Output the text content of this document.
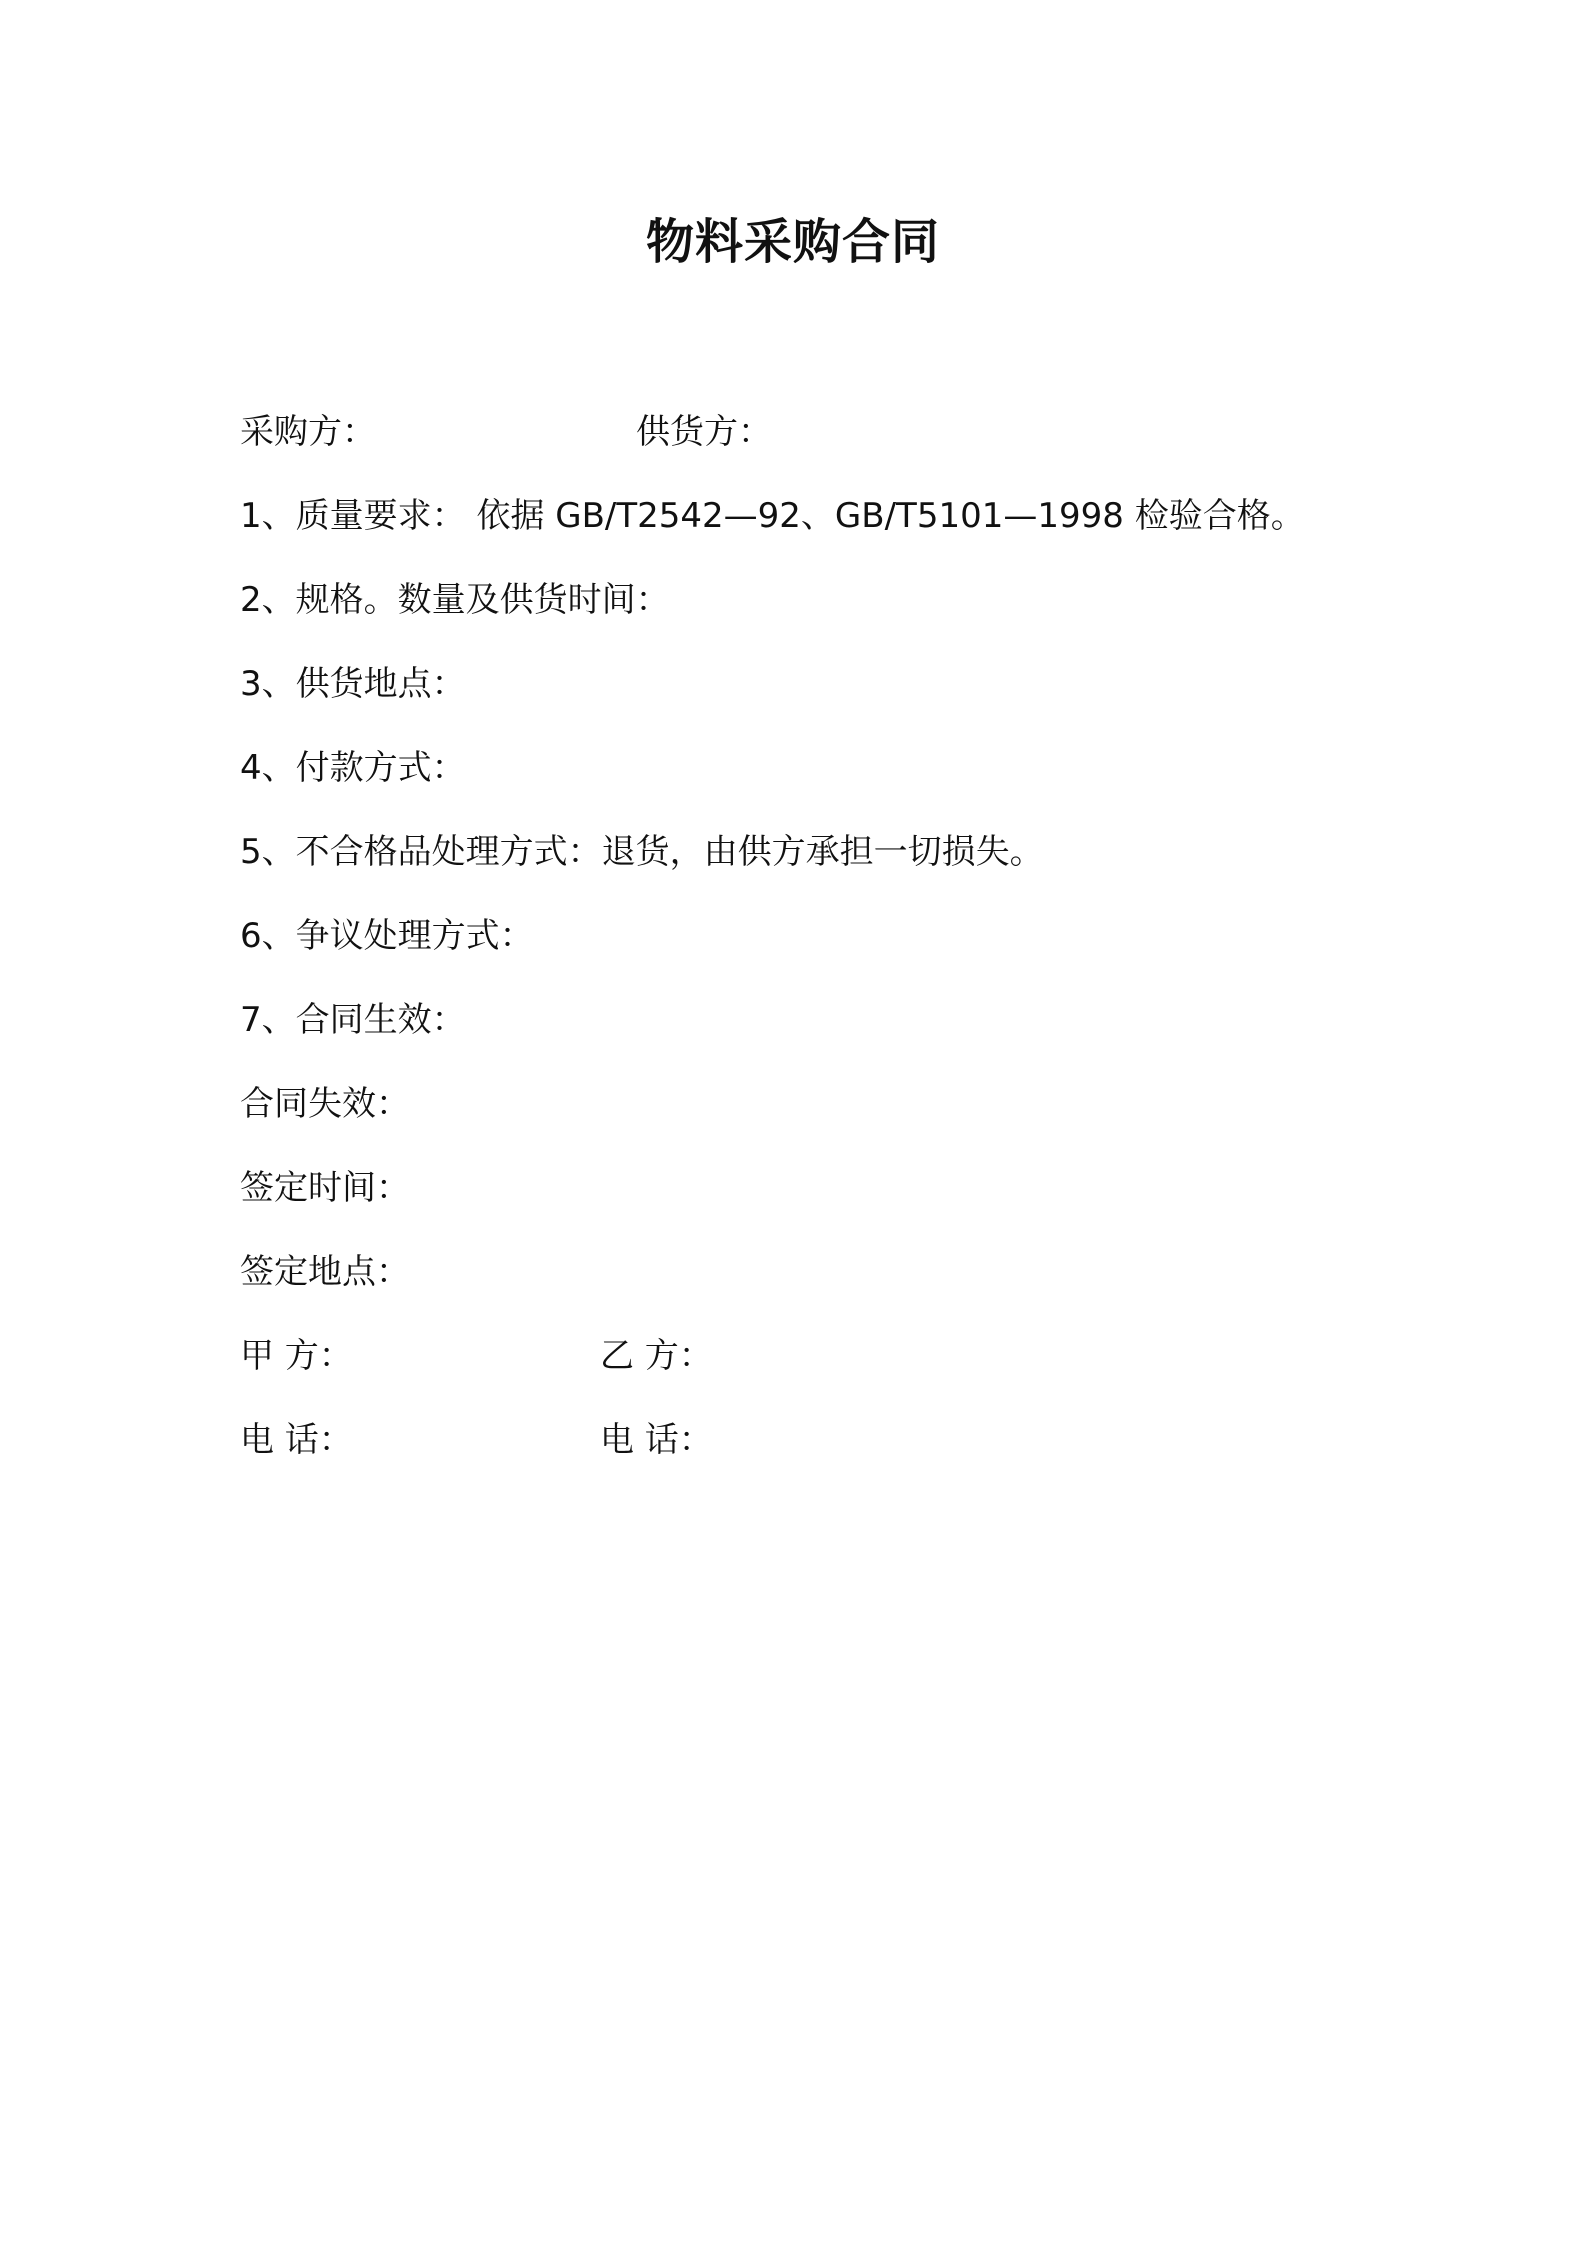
物料采购合同
采购方：	供货方：
1、质量要求： 依据 GB/T2542—92、GB/T5101—1998 检验合格。
2、规格。数量及供货时间：
3、供货地点：
4、付款方式：
5、不合格品处理方式：退货，由供方承担一切损失。
6、争议处理方式：
7、合同生效：
合同失效：
签定时间：
签定地点：
甲 方：	乙 方：
电 话：	电 话：
